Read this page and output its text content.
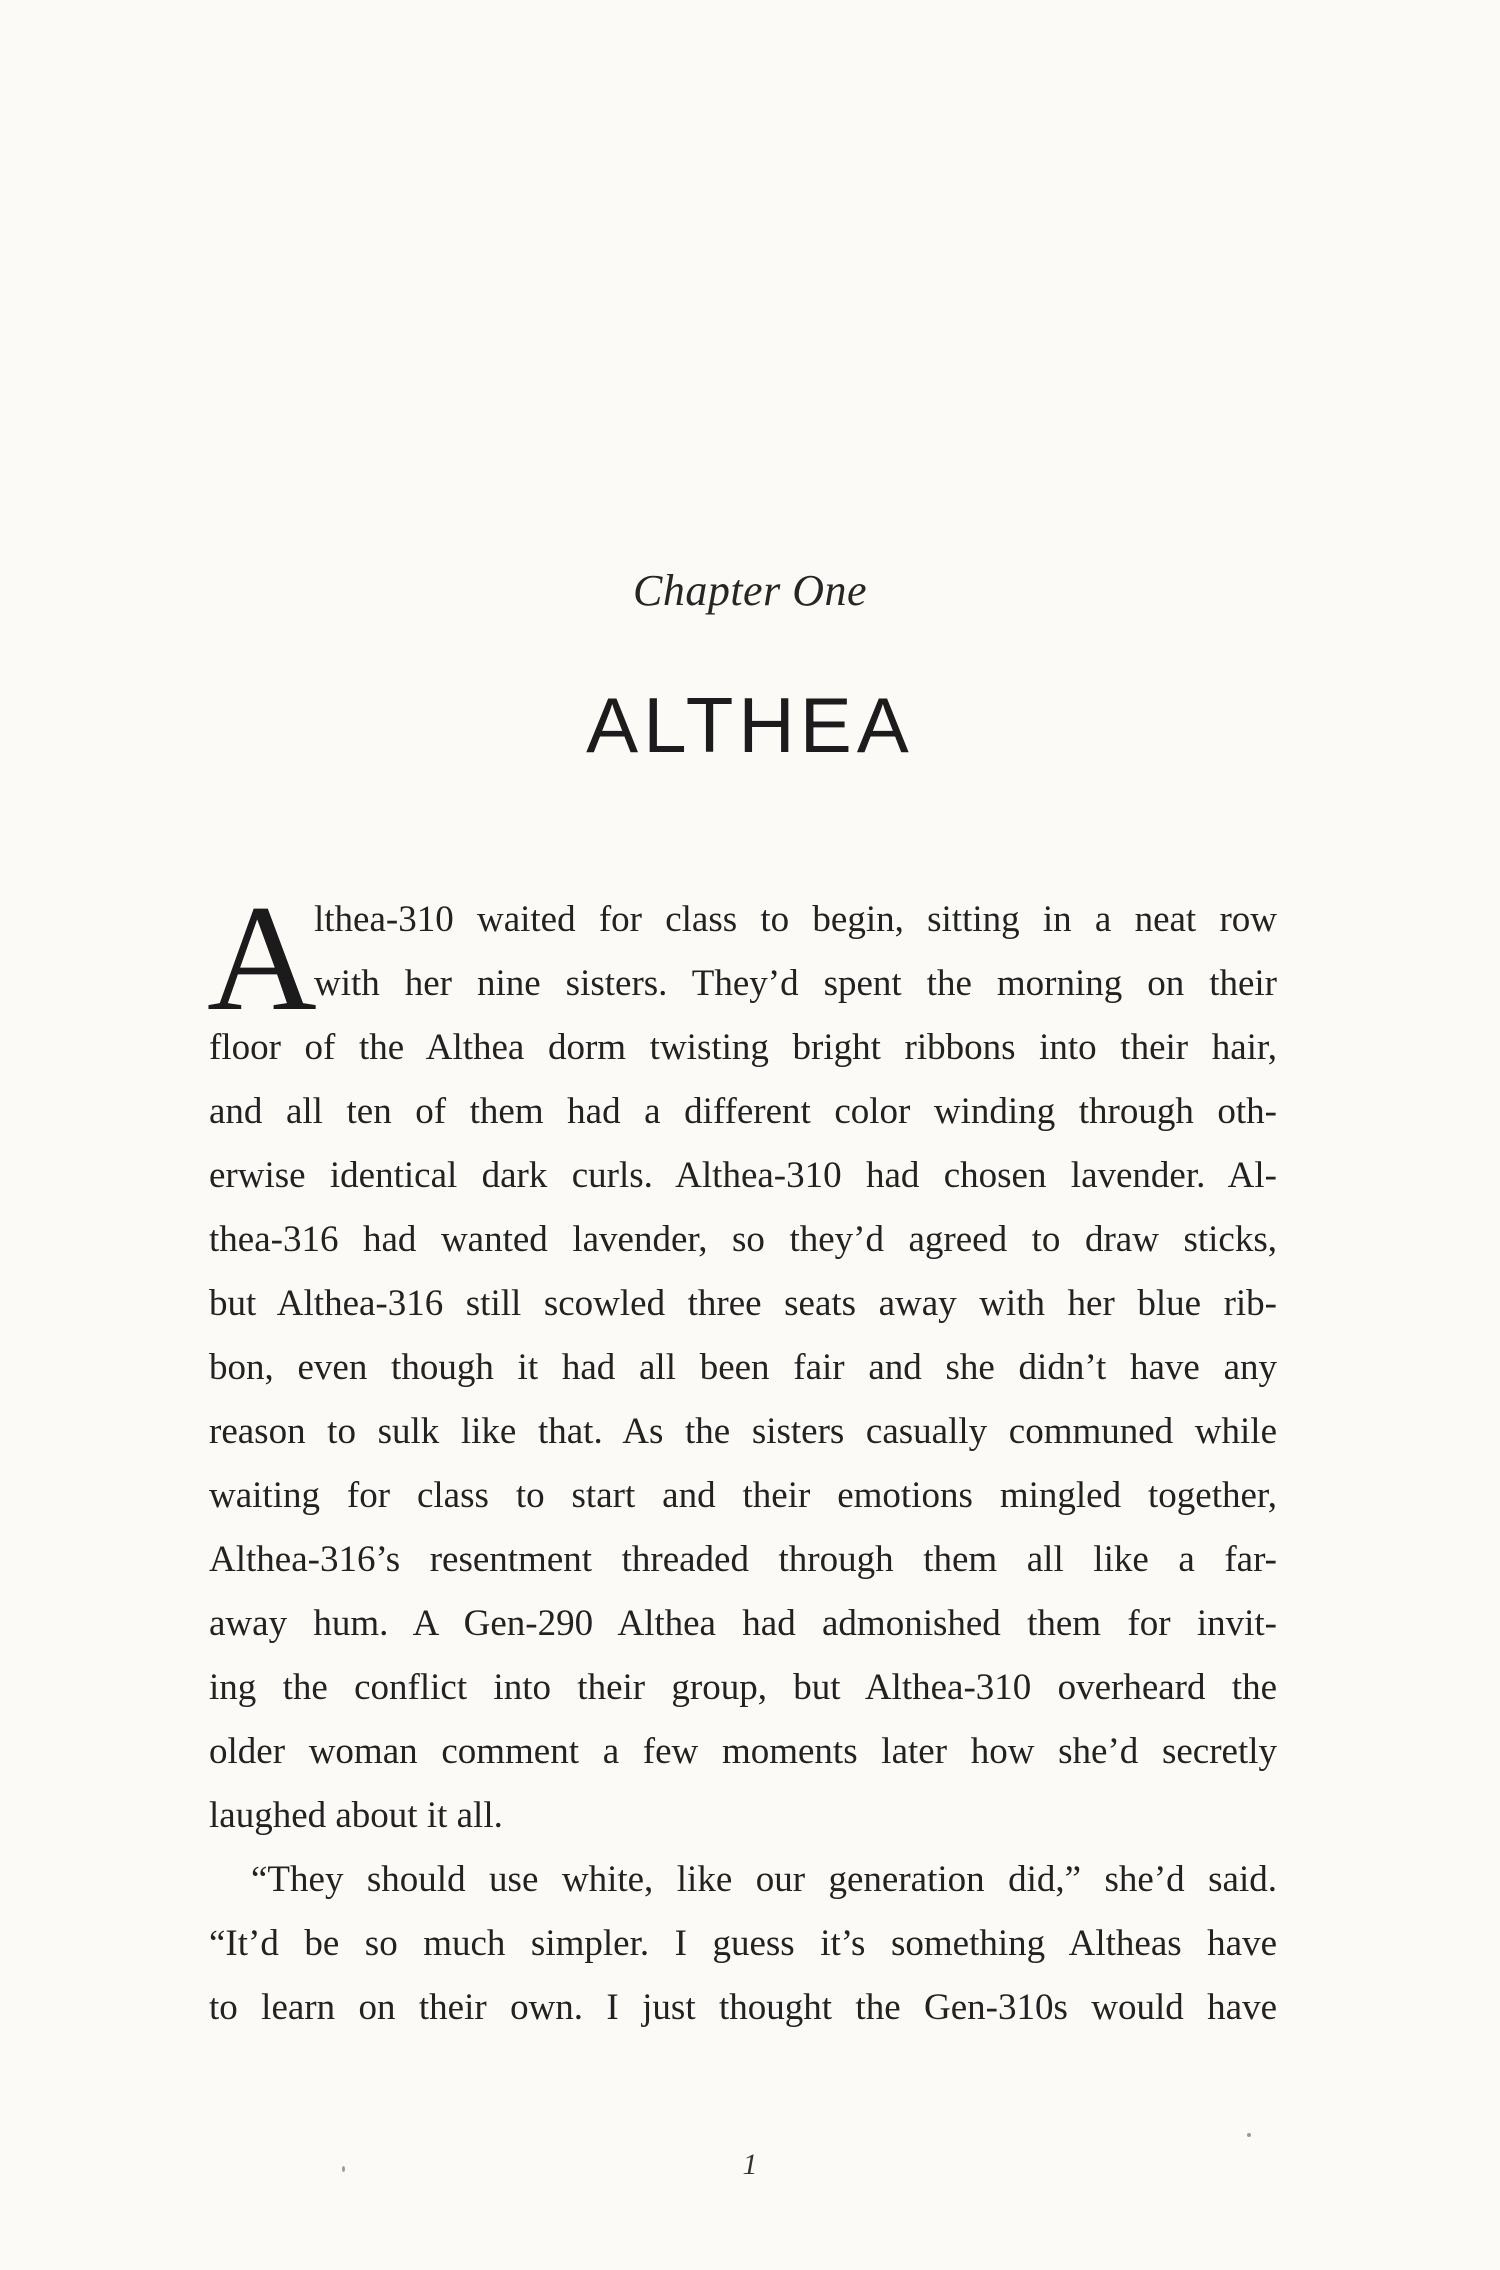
Chapter One
ALTHEA
A
lthea-310 waited for class to begin, sitting in a neat row
with her nine sisters. They’d spent the morning on their
floor of the Althea dorm twisting bright ribbons into their hair,
and all ten of them had a different color winding through oth-
erwise identical dark curls. Althea-310 had chosen lavender. Al-
thea-316 had wanted lavender, so they’d agreed to draw sticks,
but Althea-316 still scowled three seats away with her blue rib-
bon, even though it had all been fair and she didn’t have any
reason to sulk like that. As the sisters casually communed while
waiting for class to start and their emotions mingled together,
Althea-316’s resentment threaded through them all like a far-
away hum. A Gen-290 Althea had admonished them for invit-
ing the conflict into their group, but Althea-310 overheard the
older woman comment a few moments later how she’d secretly
laughed about it all.
“They should use white, like our generation did,” she’d said.
“It’d be so much simpler. I guess it’s something Altheas have
to learn on their own. I just thought the Gen-310s would have
1
